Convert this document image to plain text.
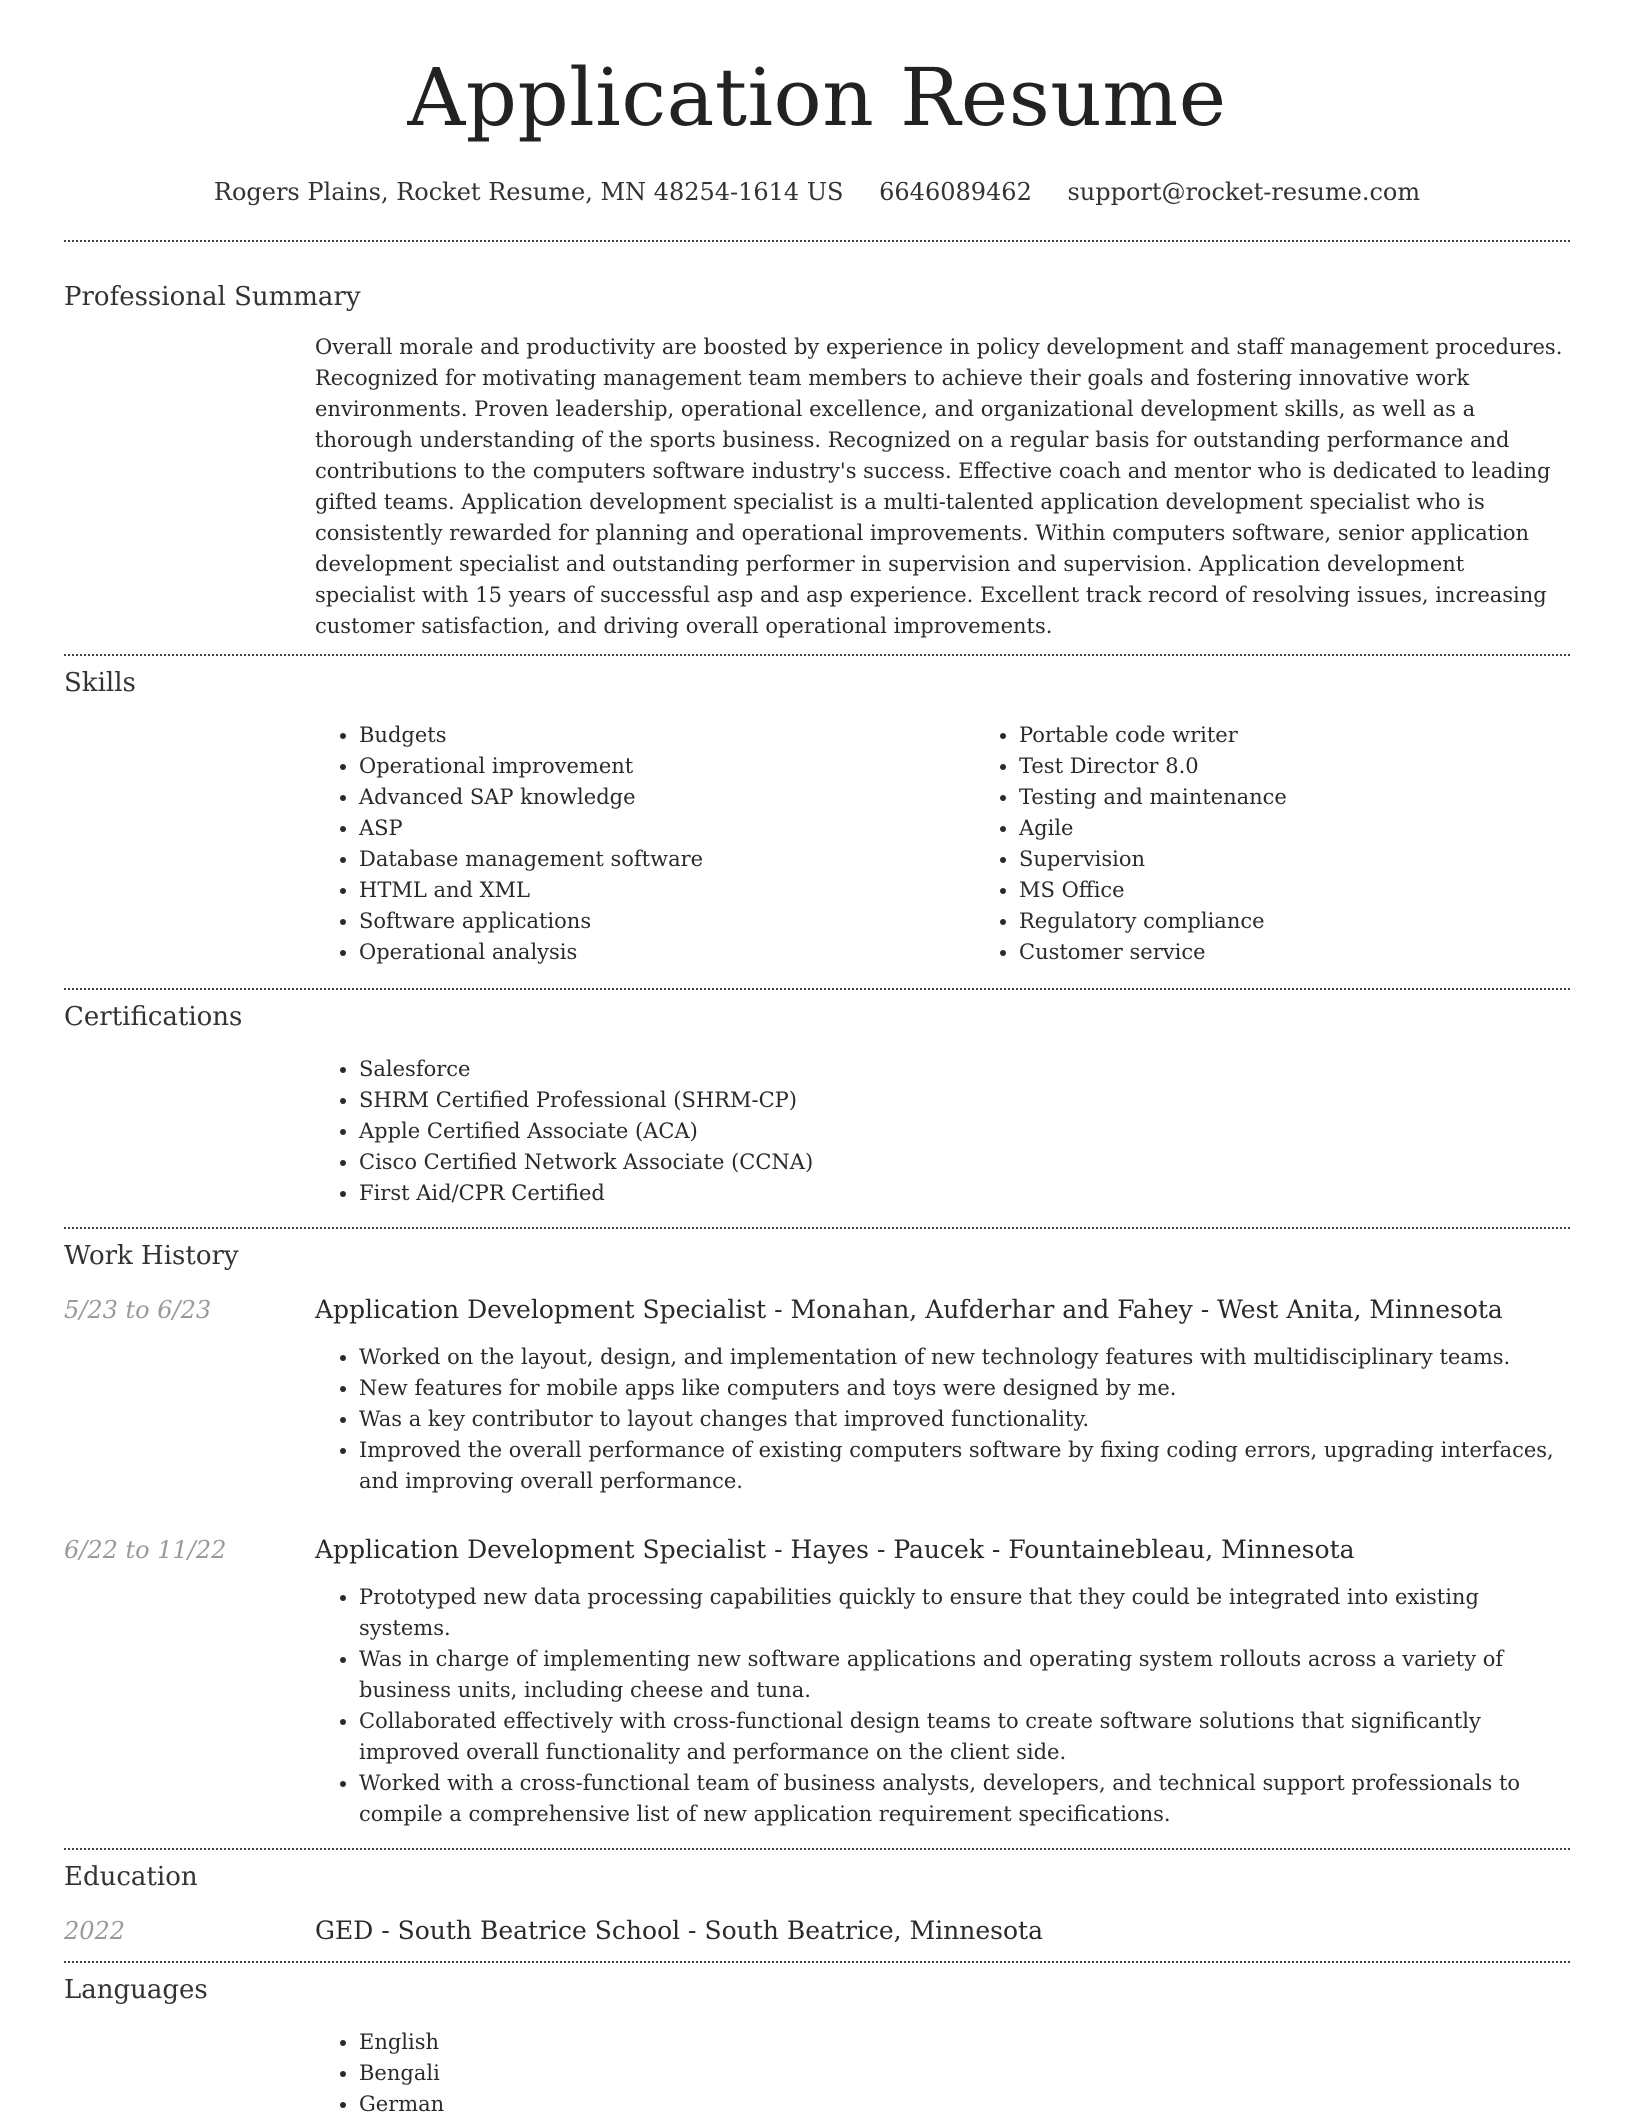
Application Resume
Rogers Plains, Rocket Resume, MN 48254-1614 US 6646089462 support@rocket-resume.com
Professional Summary
Overall morale and productivity are boosted by experience in policy development and staff management procedures. Recognized for motivating management team members to achieve their goals and fostering innovative work environments. Proven leadership, operational excellence, and organizational development skills, as well as a thorough understanding of the sports business. Recognized on a regular basis for outstanding performance and contributions to the computers software industry's success. Effective coach and mentor who is dedicated to leading gifted teams. Application development specialist is a multi-talented application development specialist who is consistently rewarded for planning and operational improvements. Within computers software, senior application development specialist and outstanding performer in supervision and supervision. Application development specialist with 15 years of successful asp and asp experience. Excellent track record of resolving issues, increasing customer satisfaction, and driving overall operational improvements.
Skills
• Budgets
• Operational improvement
• Advanced SAP knowledge
• ASP
• Database management software
• HTML and XML
• Software applications
• Operational analysis
• Portable code writer
• Test Director 8.0
• Testing and maintenance
• Agile
• Supervision
• MS Office
• Regulatory compliance
• Customer service
Certifications
• Salesforce
• SHRM Certified Professional (SHRM-CP)
• Apple Certified Associate (ACA)
• Cisco Certified Network Associate (CCNA)
• First Aid/CPR Certified
Work History
5/23 to 6/23	Application Development Specialist - Monahan, Aufderhar and Fahey - West Anita, Minnesota
• Worked on the layout, design, and implementation of new technology features with multidisciplinary teams.
• New features for mobile apps like computers and toys were designed by me.
• Was a key contributor to layout changes that improved functionality.
• Improved the overall performance of existing computers software by fixing coding errors, upgrading interfaces, and improving overall performance.
6/22 to 11/22	Application Development Specialist - Hayes - Paucek - Fountainebleau, Minnesota
• Prototyped new data processing capabilities quickly to ensure that they could be integrated into existing systems.
• Was in charge of implementing new software applications and operating system rollouts across a variety of business units, including cheese and tuna.
• Collaborated effectively with cross-functional design teams to create software solutions that significantly improved overall functionality and performance on the client side.
• Worked with a cross-functional team of business analysts, developers, and technical support professionals to compile a comprehensive list of new application requirement specifications.
Education
2022	GED - South Beatrice School - South Beatrice, Minnesota
Languages
• English
• Bengali
• German
